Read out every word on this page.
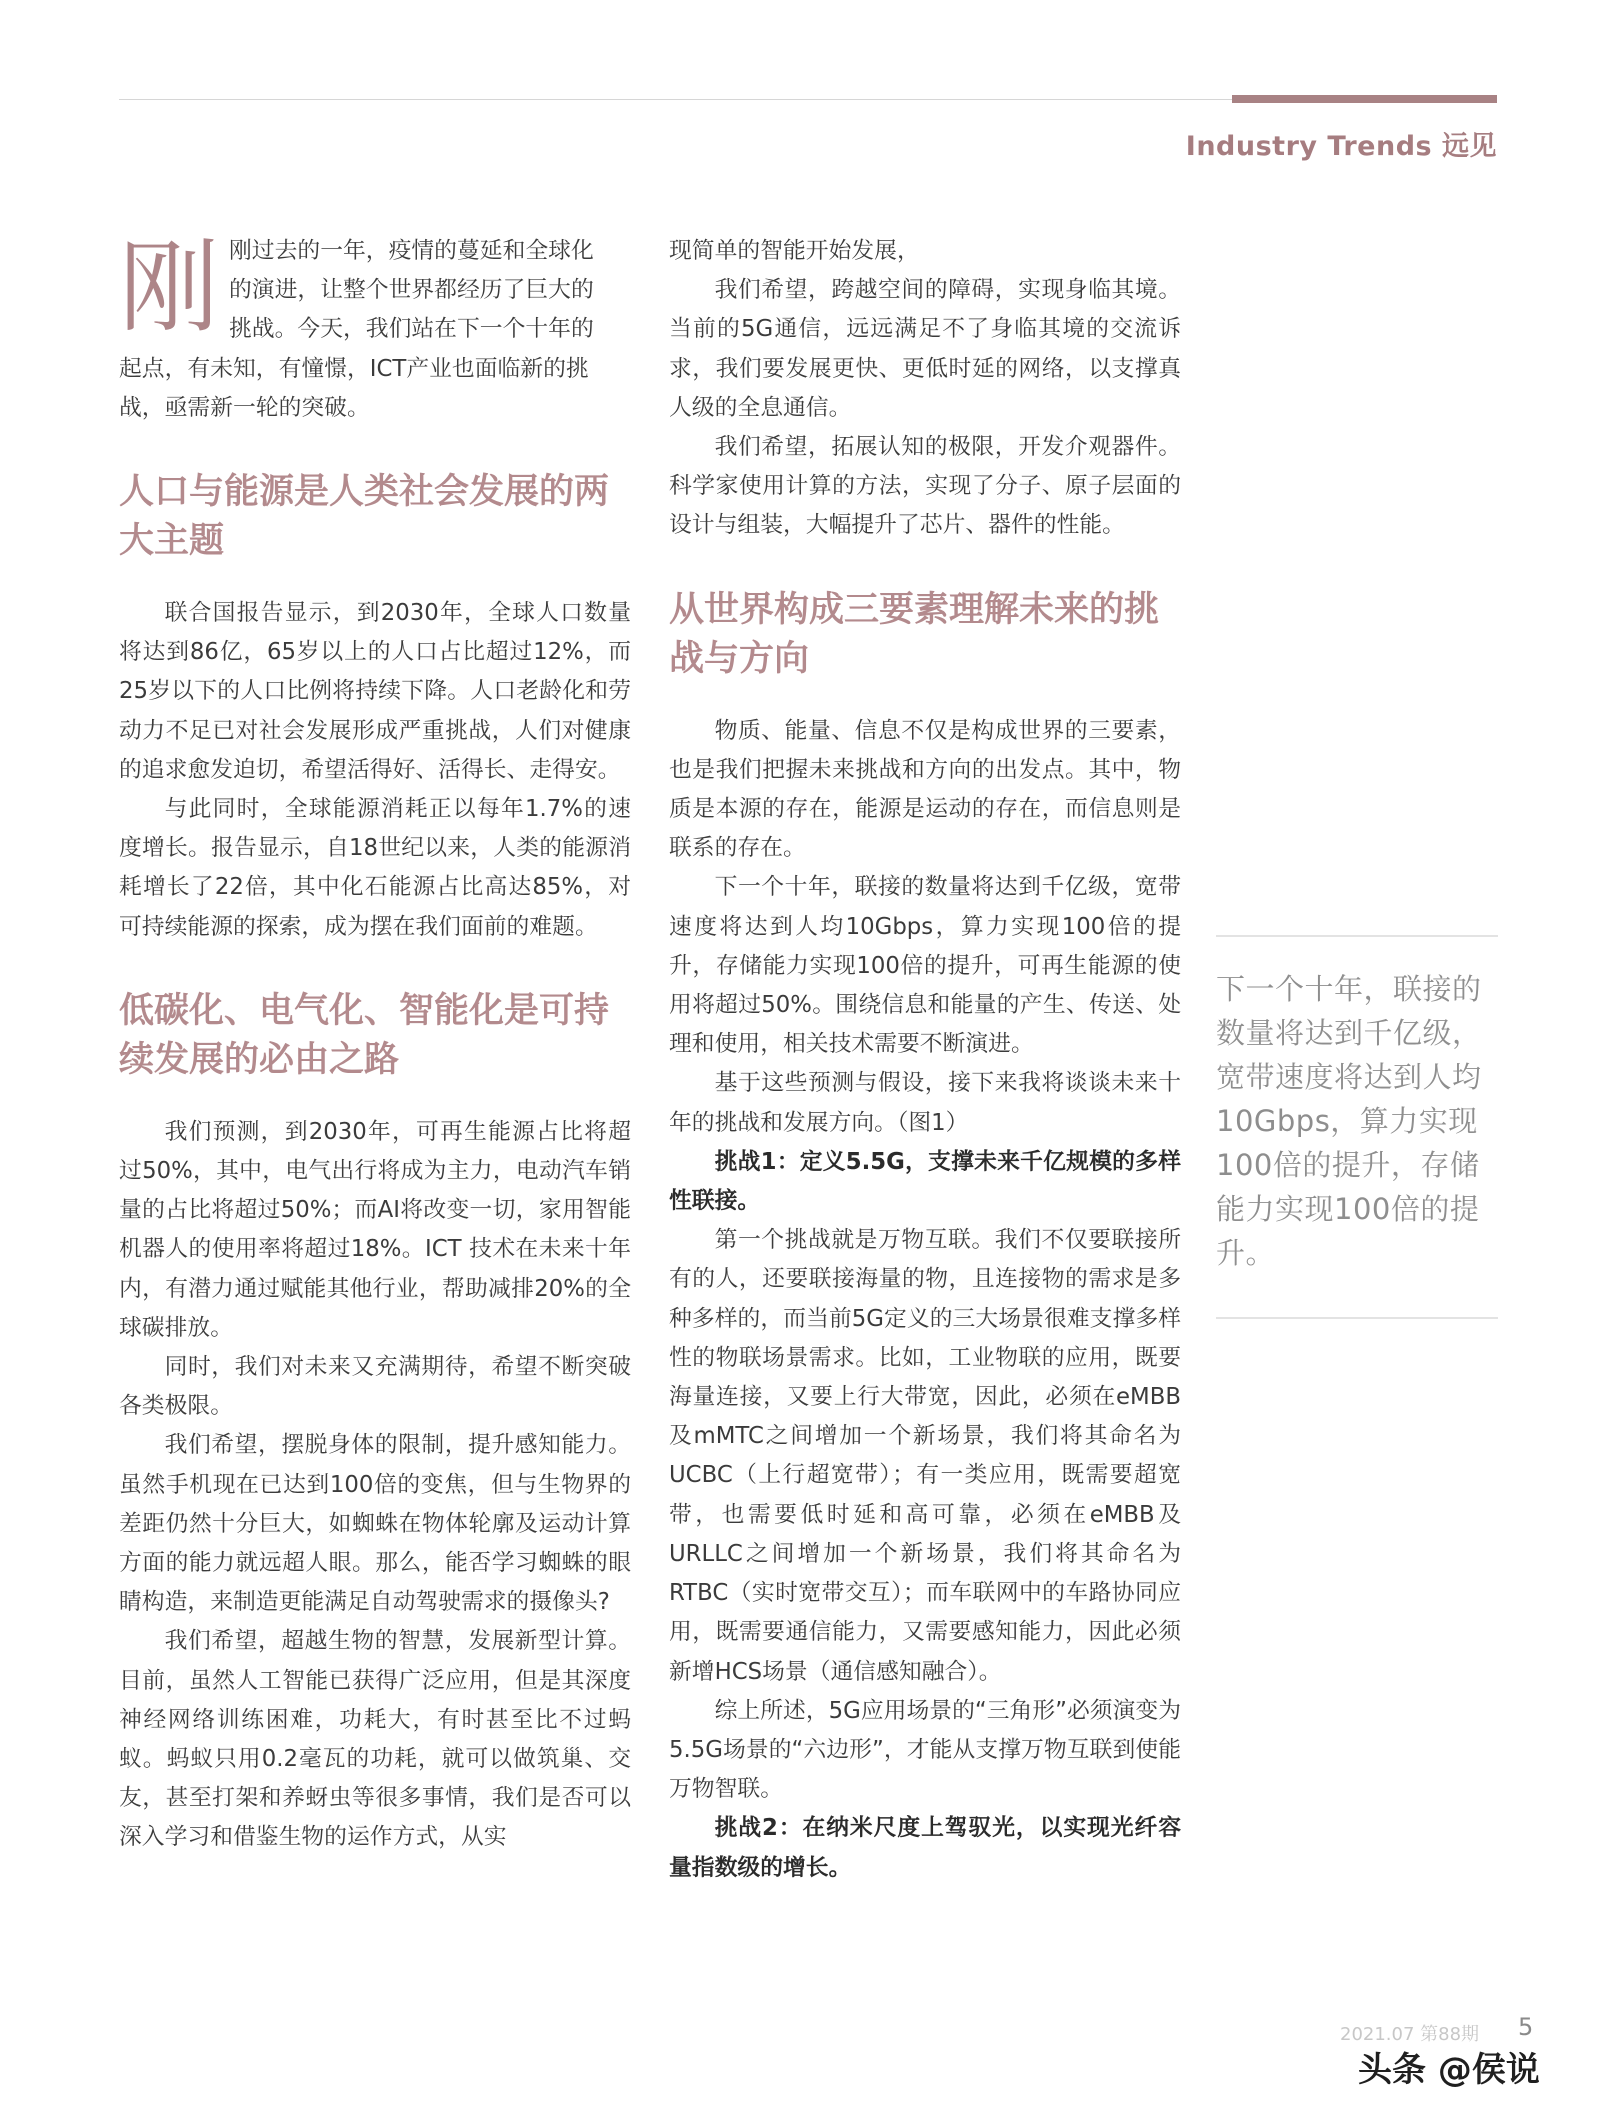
Industry Trends 远见
刚 刚过去的一年，疫情的蔓延和全球化
的演进，让整个世界都经历了巨大的
挑战。今天，我们站在下一个十年的
起点，有未知，有憧憬，ICT产业也面临新的挑
战，亟需新一轮的突破。
人口与能源是人类社会发展的两大主题

联合国报告显示，到2030年，全球人口数量将达到86亿，65岁以上的人口占比超过12%，而25岁以下的人口比例将持续下降。人口老龄化和劳动力不足已对社会发展形成严重挑战，人们对健康的追求愈发迫切，希望活得好、活得长、走得安。

与此同时，全球能源消耗正以每年1.7%的速度增长。报告显示，自18世纪以来，人类的能源消耗增长了22倍，其中化石能源占比高达85%，对可持续能源的探索，成为摆在我们面前的难题。

低碳化、电气化、智能化是可持续发展的必由之路

我们预测，到2030年，可再生能源占比将超过50%，其中，电气出行将成为主力，电动汽车销量的占比将超过50%；而AI将改变一切，家用智能机器人的使用率将超过18%。ICT 技术在未来十年内，有潜力通过赋能其他行业，帮助减排20%的全球碳排放。

同时，我们对未来又充满期待，希望不断突破各类极限。

我们希望，摆脱身体的限制，提升感知能力。虽然手机现在已达到100倍的变焦，但与生物界的差距仍然十分巨大，如蜘蛛在物体轮廓及运动计算方面的能力就远超人眼。那么，能否学习蜘蛛的眼睛构造，来制造更能满足自动驾驶需求的摄像头?

我们希望，超越生物的智慧，发展新型计算。目前，虽然人工智能已获得广泛应用，但是其深度神经网络训练困难，功耗大，有时甚至比不过蚂蚁。蚂蚁只用0.2毫瓦的功耗，就可以做筑巢、交友，甚至打架和养蚜虫等很多事情，我们是否可以深入学习和借鉴生物的运作方式，从实

现简单的智能开始发展，

我们希望，跨越空间的障碍，实现身临其境。当前的5G通信，远远满足不了身临其境的交流诉求，我们要发展更快、更低时延的网络，以支撑真人级的全息通信。

我们希望，拓展认知的极限，开发介观器件。科学家使用计算的方法，实现了分子、原子层面的设计与组装，大幅提升了芯片、器件的性能。

从世界构成三要素理解未来的挑战与方向

物质、能量、信息不仅是构成世界的三要素，也是我们把握未来挑战和方向的出发点。其中，物质是本源的存在，能源是运动的存在，而信息则是联系的存在。

下一个十年，联接的数量将达到千亿级，宽带速度将达到人均10Gbps，算力实现100倍的提升，存储能力实现100倍的提升，可再生能源的使用将超过50%。围绕信息和能量的产生、传送、处理和使用，相关技术需要不断演进。

基于这些预测与假设，接下来我将谈谈未来十年的挑战和发展方向。（图1）

挑战1：定义5.5G，支撑未来千亿规模的多样性联接。

第一个挑战就是万物互联。我们不仅要联接所有的人，还要联接海量的物，且连接物的需求是多种多样的，而当前5G定义的三大场景很难支撑多样性的物联场景需求。比如，工业物联的应用，既要海量连接，又要上行大带宽，因此，必须在eMBB及mMTC之间增加一个新场景，我们将其命名为UCBC（上行超宽带）；有一类应用，既需要超宽带，也需要低时延和高可靠，必须在eMBB及URLLC之间增加一个新场景，我们将其命名为RTBC（实时宽带交互）；而车联网中的车路协同应用，既需要通信能力，又需要感知能力，因此必须新增HCS场景（通信感知融合）。

综上所述，5G应用场景的“三角形”必须演变为5.5G场景的“六边形”，才能从支撑万物互联到使能万物智联。

挑战2：在纳米尺度上驾驭光，以实现光纤容量指数级的增长。

下一个十年，联接的数量将达到千亿级，宽带速度将达到人均10Gbps，算力实现100倍的提升，存储能力实现100倍的提升。
2021.07 第88期 5
头条 @侯说
